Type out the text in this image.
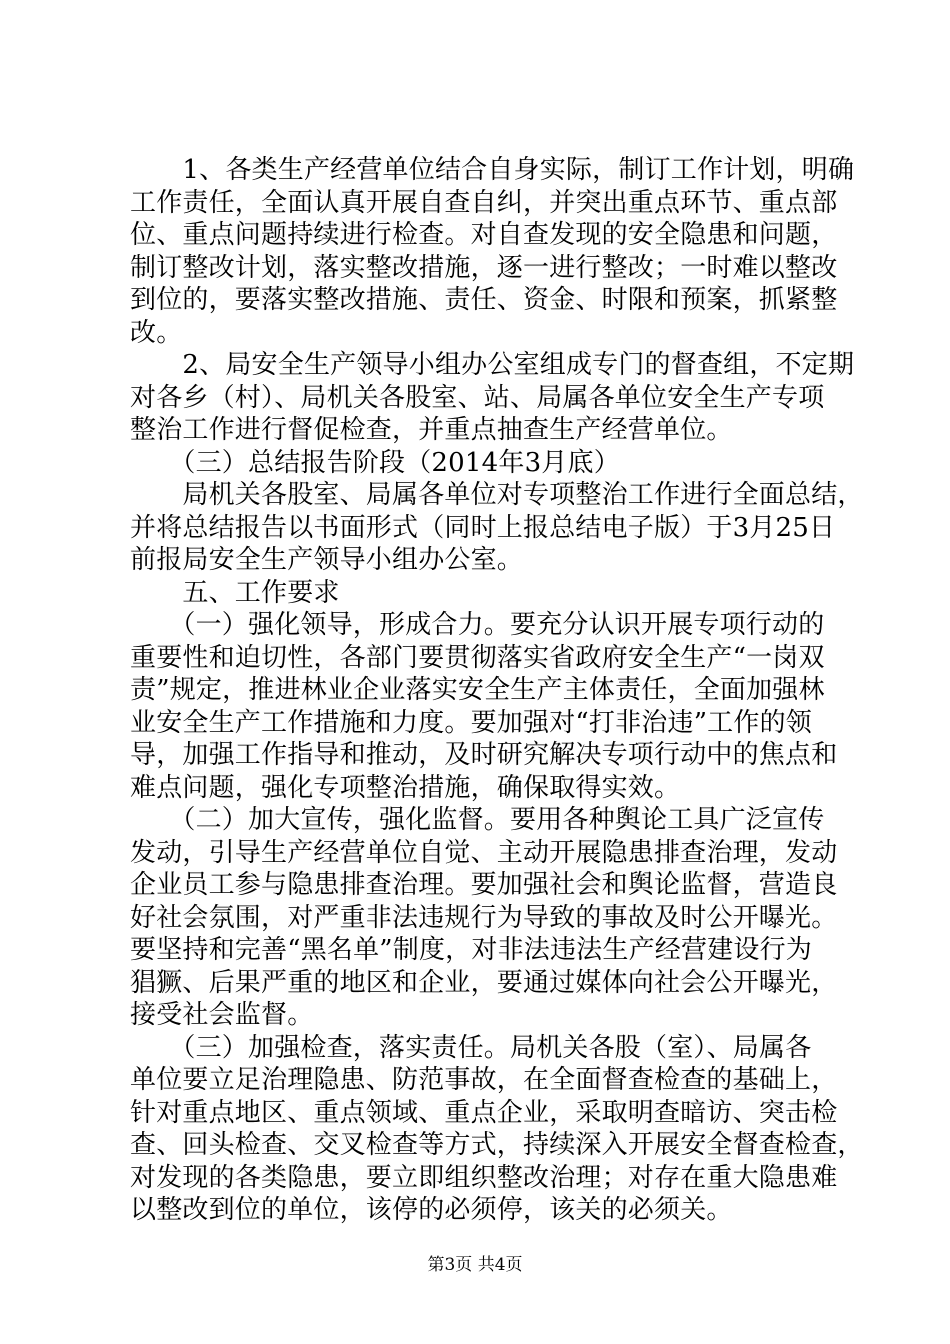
　　1、各类生产经营单位结合自身实际，制订工作计划，明确
工作责任，全面认真开展自查自纠，并突出重点环节、重点部
位、重点问题持续进行检查。对自查发现的安全隐患和问题，
制订整改计划，落实整改措施，逐一进行整改；一时难以整改
到位的，要落实整改措施、责任、资金、时限和预案，抓紧整
改。
　　2、局安全生产领导小组办公室组成专门的督查组，不定期
对各乡（村）、局机关各股室、站、局属各单位安全生产专项
整治工作进行督促检查，并重点抽查生产经营单位。
　　（三）总结报告阶段（2014年3月底）
　　局机关各股室、局属各单位对专项整治工作进行全面总结，
并将总结报告以书面形式（同时上报总结电子版）于3月25日
前报局安全生产领导小组办公室。
　　五、工作要求
　　（一）强化领导，形成合力。要充分认识开展专项行动的
重要性和迫切性，各部门要贯彻落实省政府安全生产“一岗双
责”规定，推进林业企业落实安全生产主体责任，全面加强林
业安全生产工作措施和力度。要加强对“打非治违”工作的领
导，加强工作指导和推动，及时研究解决专项行动中的焦点和
难点问题，强化专项整治措施，确保取得实效。
　　（二）加大宣传，强化监督。要用各种舆论工具广泛宣传
发动，引导生产经营单位自觉、主动开展隐患排查治理，发动
企业员工参与隐患排查治理。要加强社会和舆论监督，营造良
好社会氛围，对严重非法违规行为导致的事故及时公开曝光。
要坚持和完善“黑名单”制度，对非法违法生产经营建设行为
猖獗、后果严重的地区和企业，要通过媒体向社会公开曝光，
接受社会监督。
　　（三）加强检查，落实责任。局机关各股（室）、局属各
单位要立足治理隐患、防范事故，在全面督查检查的基础上，
针对重点地区、重点领域、重点企业，采取明查暗访、突击检
查、回头检查、交叉检查等方式，持续深入开展安全督查检查，
对发现的各类隐患，要立即组织整改治理；对存在重大隐患难
以整改到位的单位，该停的必须停，该关的必须关。
第3页 共4页
